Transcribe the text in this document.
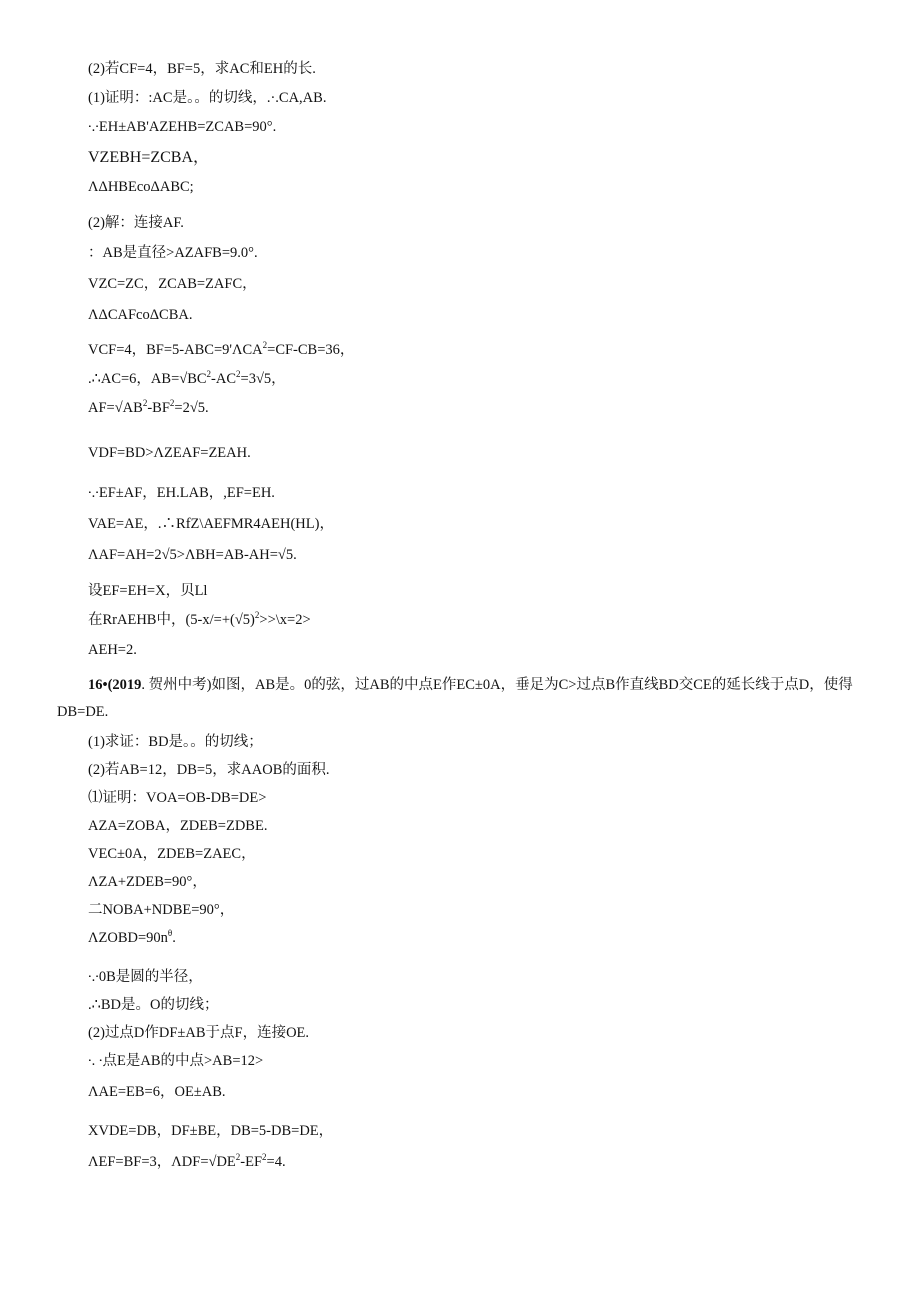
(2)若CF=4，BF=5，求AC和EH的长.
(1)证明：:AC是。。的切线，.·.CA,AB.
∙.∙EH±AB'AZEHB=ZCAB=90°.
VZEBH=ZCBA，
ΛΔHBEcoΔABC;
(2)解：连接AF.
：AB是直径>AZAFB=9.0°.
VZC=ZC，ZCAB=ZAFC，
ΛΔCAFcoΔCBA.
VCF=4，$BF=5-ABC=9'\Lambda CA^2=CF-CB=36$，
.∴AC=6，$AB=√BC^2-AC^2=3√5$，
$AF=√AB^2-BF^2=2√5$.
VDF=BD>ΛZEAF=ZEAH.
∙.∙EF±AF，EH.LAB，,EF=EH.
VAE=AE，.∴RfZ\AEFMR4AEH(HL)，
ΛAF=AH=2√5>ΛBH=AB-AH=√5.
设EF=EH=X，贝Ll
在RrAEHB中，($5-x/=+(√5)^2>>\backslash x=2>$
AEH=2.
16•(2019. 贺州中考)如图，AB是。0的弦，过AB的中点E作EC±0A，垂足为C>过点B作直线BD交CE的延长线于点D，使得DB=DE.
(1)求证：BD是。。的切线；
(2)若AB=12，DB=5，求AAOB的面积.
⑴证明：VOA=OB-DB=DE>
AZA=ZOBA，ZDEB=ZDBE.
VEC±0A，ZDEB=ZAEC，
ΛZA+ZDEB=90°，
二NOBA+NDBE=90°，
$\Lambda ZOBD=90n^\theta$.
∙.∙0B是圆的半径，
.∴BD是。O的切线；
(2)过点D作DF±AB于点F，连接OE.
∙. ∙点E是AB的中点>AB=12>
ΛAE=EB=6，OE±AB.
XVDE=DB，DF±BE，DB=5-DB=DE，
ΛEF=BF=3，$\Lambda DF=√DE^2-EF^2=4$.
